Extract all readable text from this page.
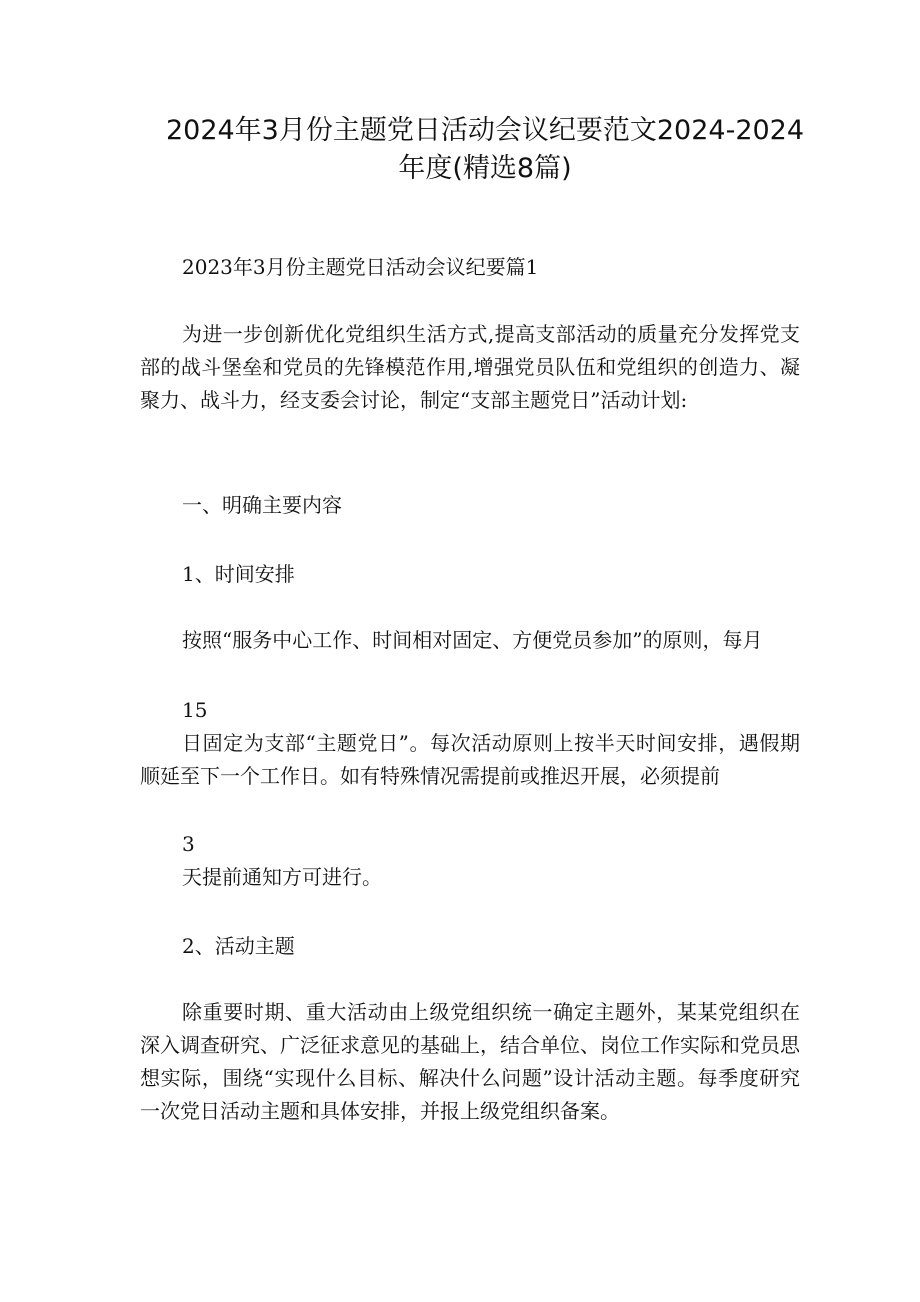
2024年3月份主题党日活动会议纪要范文2024-2024
年度(精选8篇)

2023年3月份主题党日活动会议纪要篇1

为进一步创新优化党组织生活方式,提高支部活动的质量充分发挥党支部的战斗堡垒和党员的先锋模范作用,增强党员队伍和党组织的创造力、凝聚力、战斗力，经支委会讨论，制定“支部主题党日”活动计划:

一、明确主要内容

1、时间安排

按照“服务中心工作、时间相对固定、方便党员参加”的原则，每月

15

日固定为支部“主题党日”。每次活动原则上按半天时间安排，遇假期顺延至下一个工作日。如有特殊情况需提前或推迟开展，必须提前

3

天提前通知方可进行。

2、活动主题

除重要时期、重大活动由上级党组织统一确定主题外，某某党组织在深入调查研究、广泛征求意见的基础上，结合单位、岗位工作实际和党员思想实际，围绕“实现什么目标、解决什么问题”设计活动主题。每季度研究一次党日活动主题和具体安排，并报上级党组织备案。
